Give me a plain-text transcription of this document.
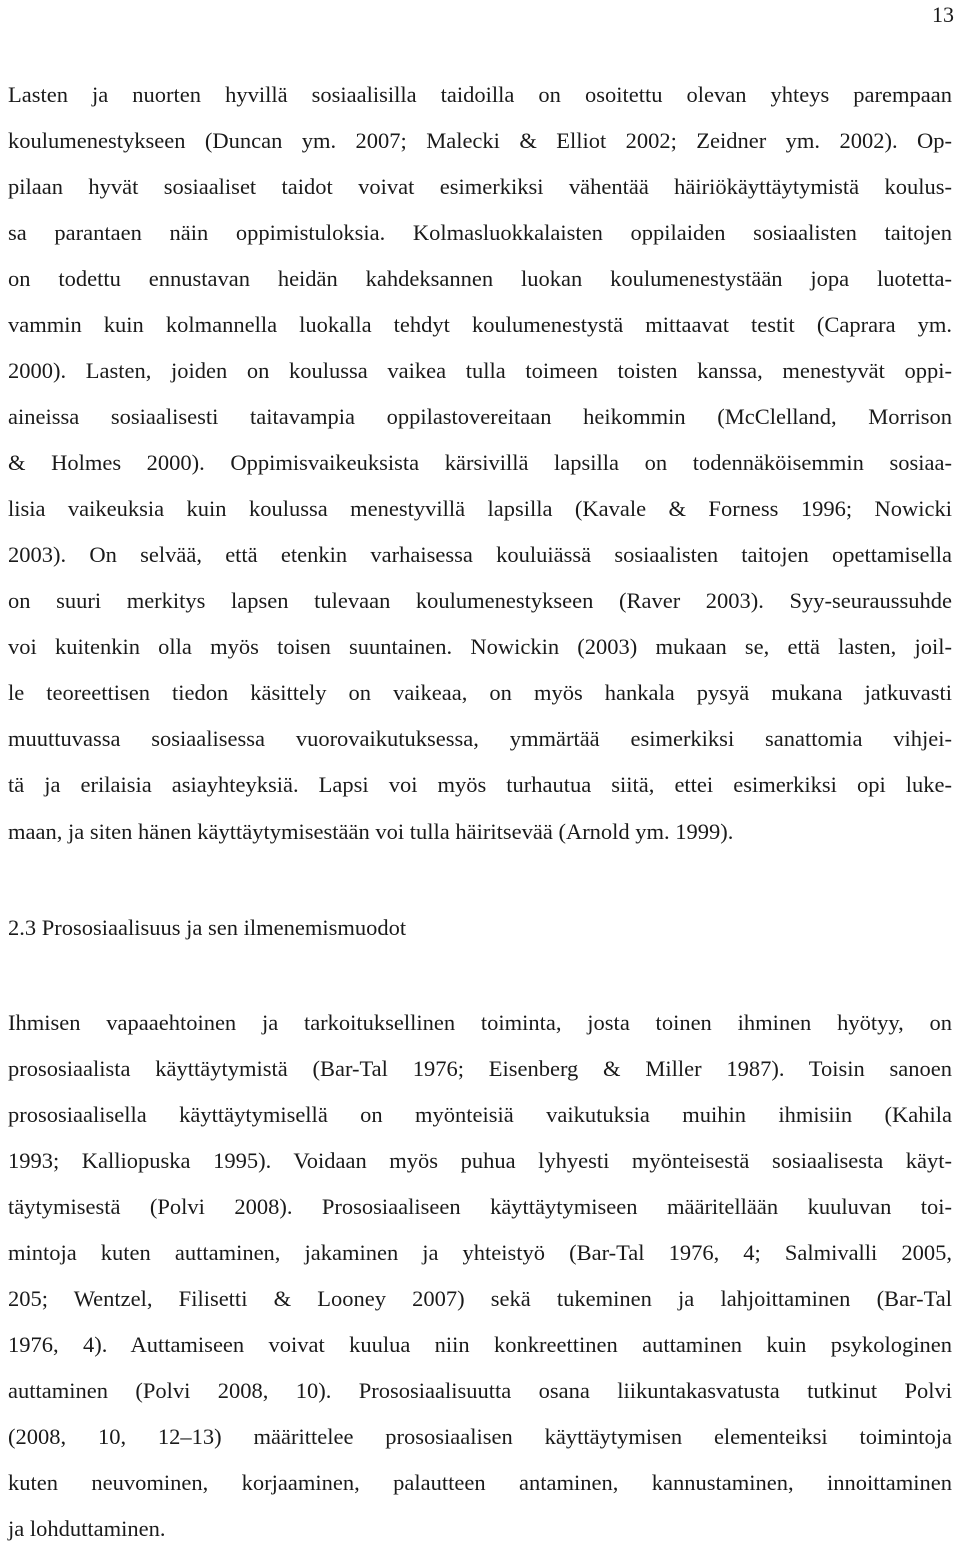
13
Lasten ja nuorten hyvillä sosiaalisilla taidoilla on osoitettu olevan yhteys parempaan
koulumenestykseen (Duncan ym. 2007; Malecki & Elliot 2002; Zeidner ym. 2002). Op-
pilaan hyvät sosiaaliset taidot voivat esimerkiksi vähentää häiriökäyttäytymistä koulus-
sa parantaen näin oppimistuloksia. Kolmasluokkalaisten oppilaiden sosiaalisten taitojen
on todettu ennustavan heidän kahdeksannen luokan koulumenestystään jopa luotetta-
vammin kuin kolmannella luokalla tehdyt koulumenestystä mittaavat testit (Caprara ym.
2000). Lasten, joiden on koulussa vaikea tulla toimeen toisten kanssa, menestyvät oppi-
aineissa sosiaalisesti taitavampia oppilastovereitaan heikommin (McClelland, Morrison
& Holmes 2000). Oppimisvaikeuksista kärsivillä lapsilla on todennäköisemmin sosiaa-
lisia vaikeuksia kuin koulussa menestyvillä lapsilla (Kavale & Forness 1996; Nowicki
2003). On selvää, että etenkin varhaisessa kouluiässä sosiaalisten taitojen opettamisella
on suuri merkitys lapsen tulevaan koulumenestykseen (Raver 2003). Syy-seuraussuhde
voi kuitenkin olla myös toisen suuntainen. Nowickin (2003) mukaan se, että lasten, joil-
le teoreettisen tiedon käsittely on vaikeaa, on myös hankala pysyä mukana jatkuvasti
muuttuvassa sosiaalisessa vuorovaikutuksessa, ymmärtää esimerkiksi sanattomia vihjei-
tä ja erilaisia asiayhteyksiä. Lapsi voi myös turhautua siitä, ettei esimerkiksi opi luke-
maan, ja siten hänen käyttäytymisestään voi tulla häiritsevää (Arnold ym. 1999).
2.3 Prososiaalisuus ja sen ilmenemismuodot
Ihmisen vapaaehtoinen ja tarkoituksellinen toiminta, josta toinen ihminen hyötyy, on
prososiaalista käyttäytymistä (Bar-Tal 1976; Eisenberg & Miller 1987). Toisin sanoen
prososiaalisella käyttäytymisellä on myönteisiä vaikutuksia muihin ihmisiin (Kahila
1993; Kalliopuska 1995). Voidaan myös puhua lyhyesti myönteisestä sosiaalisesta käyt-
täytymisestä (Polvi 2008). Prososiaaliseen käyttäytymiseen määritellään kuuluvan toi-
mintoja kuten auttaminen, jakaminen ja yhteistyö (Bar-Tal 1976, 4; Salmivalli 2005,
205; Wentzel, Filisetti & Looney 2007) sekä tukeminen ja lahjoittaminen (Bar-Tal
1976, 4). Auttamiseen voivat kuulua niin konkreettinen auttaminen kuin psykologinen
auttaminen (Polvi 2008, 10). Prososiaalisuutta osana liikuntakasvatusta tutkinut Polvi
(2008, 10, 12–13) määrittelee prososiaalisen käyttäytymisen elementeiksi toimintoja
kuten neuvominen, korjaaminen, palautteen antaminen, kannustaminen, innoittaminen
ja lohduttaminen.
